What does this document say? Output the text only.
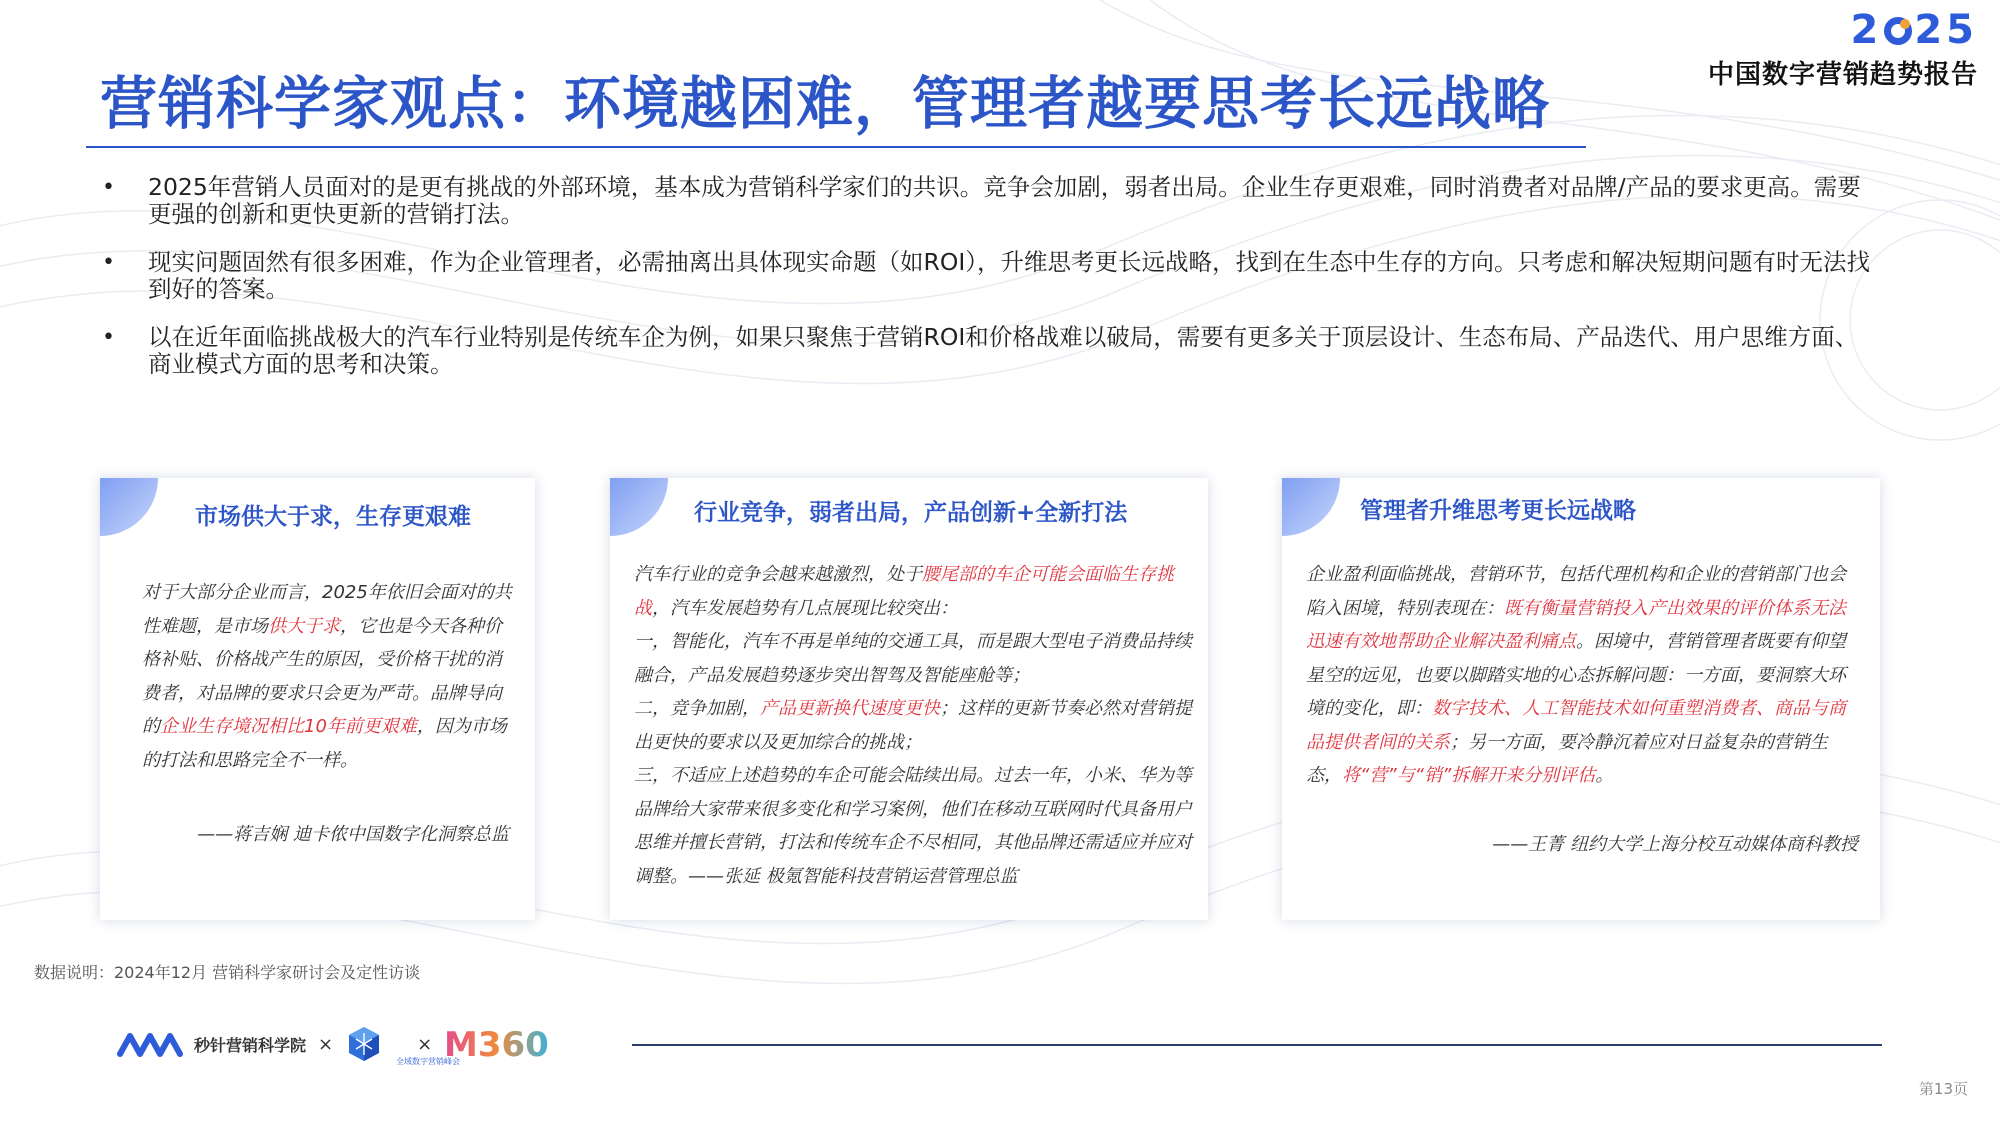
2 25
中国数字营销趋势报告
营销科学家观点：环境越困难，管理者越要思考长远战略
• 2025年营销人员面对的是更有挑战的外部环境，基本成为营销科学家们的共识。竞争会加剧，弱者出局。企业生存更艰难，同时消费者对品牌/产品的要求更高。需要更强的创新和更快更新的营销打法。
• 现实问题固然有很多困难，作为企业管理者，必需抽离出具体现实命题（如ROI），升维思考更长远战略，找到在生态中生存的方向。只考虑和解决短期问题有时无法找到好的答案。
• 以在近年面临挑战极大的汽车行业特别是传统车企为例，如果只聚焦于营销ROI和价格战难以破局，需要有更多关于顶层设计、生态布局、产品迭代、用户思维方面、商业模式方面的思考和决策。
市场供大于求，生存更艰难
对于大部分企业而言，2025年依旧会面对的共性难题，是市场供大于求，它也是今天各种价格补贴、价格战产生的原因，受价格干扰的消费者，对品牌的要求只会更为严苛。品牌导向的企业生存境况相比10年前更艰难，因为市场的打法和思路完全不一样。
——蒋吉娴 迪卡侬中国数字化洞察总监
行业竞争，弱者出局，产品创新+全新打法
汽车行业的竞争会越来越激烈，处于腰尾部的车企可能会面临生存挑战，汽车发展趋势有几点展现比较突出：
一，智能化，汽车不再是单纯的交通工具，而是跟大型电子消费品持续融合，产品发展趋势逐步突出智驾及智能座舱等；
二，竞争加剧，产品更新换代速度更快；这样的更新节奏必然对营销提出更快的要求以及更加综合的挑战；
三，不适应上述趋势的车企可能会陆续出局。过去一年，小米、华为等品牌给大家带来很多变化和学习案例，他们在移动互联网时代具备用户思维并擅长营销，打法和传统车企不尽相同，其他品牌还需适应并应对调整。——张延 极氪智能科技营销运营管理总监
管理者升维思考更长远战略
企业盈利面临挑战，营销环节，包括代理机构和企业的营销部门也会陷入困境，特别表现在：既有衡量营销投入产出效果的评价体系无法迅速有效地帮助企业解决盈利痛点。困境中，营销管理者既要有仰望星空的远见，也要以脚踏实地的心态拆解问题：一方面，要洞察大环境的变化，即：数字技术、人工智能技术如何重塑消费者、商品与商品提供者间的关系；另一方面，要冷静沉着应对日益复杂的营销生态，将“营”与“销”拆解开来分别评估。
——王菁 纽约大学上海分校互动媒体商科教授
数据说明：2024年12月 营销科学家研讨会及定性访谈
秒针营销科学院 ×
全域数字营销峰会
× M360
第13页
